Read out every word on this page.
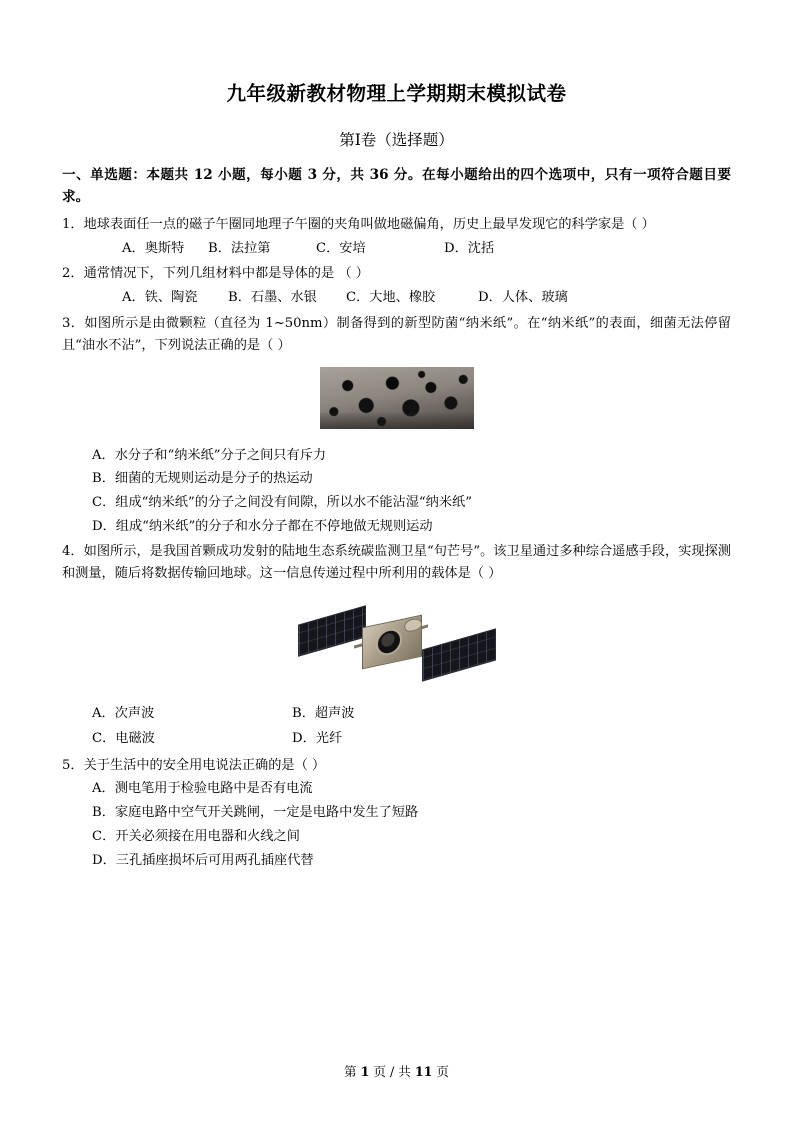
九年级新教材物理上学期期末模拟试卷
第I卷（选择题）
一、单选题：本题共 12 小题，每小题 3 分，共 36 分。在每小题给出的四个选项中，只有一项符合题目要求。
1．地球表面任一点的磁子午圈同地理子午圈的夹角叫做地磁偏角，历史上最早发现它的科学家是（ ）
A．奥斯特	B．法拉第	C．安培	D．沈括
2．通常情况下，下列几组材料中都是导体的是 （ ）
A．铁、陶瓷	B．石墨、水银	C．大地、橡胶	D．人体、玻璃
3．如图所示是由微颗粒（直径为 1~50nm）制备得到的新型防菌“纳米纸”。在“纳米纸”的表面，细菌无法停留且“油水不沾”，下列说法正确的是（ ）
A．水分子和“纳米纸”分子之间只有斥力
B．细菌的无规则运动是分子的热运动
C．组成“纳米纸”的分子之间没有间隙，所以水不能沾湿“纳米纸”
D．组成“纳米纸”的分子和水分子都在不停地做无规则运动
4．如图所示，是我国首颗成功发射的陆地生态系统碳监测卫星“句芒号”。该卫星通过多种综合遥感手段，实现探测和测量，随后将数据传输回地球。这一信息传递过程中所利用的载体是（ ）
A．次声波	B．超声波
C．电磁波	D．光纤
5．关于生活中的安全用电说法正确的是（ ）
A．测电笔用于检验电路中是否有电流
B．家庭电路中空气开关跳闸，一定是电路中发生了短路
C．开关必须接在用电器和火线之间
D．三孔插座损坏后可用两孔插座代替
第 1 页 / 共 11 页
